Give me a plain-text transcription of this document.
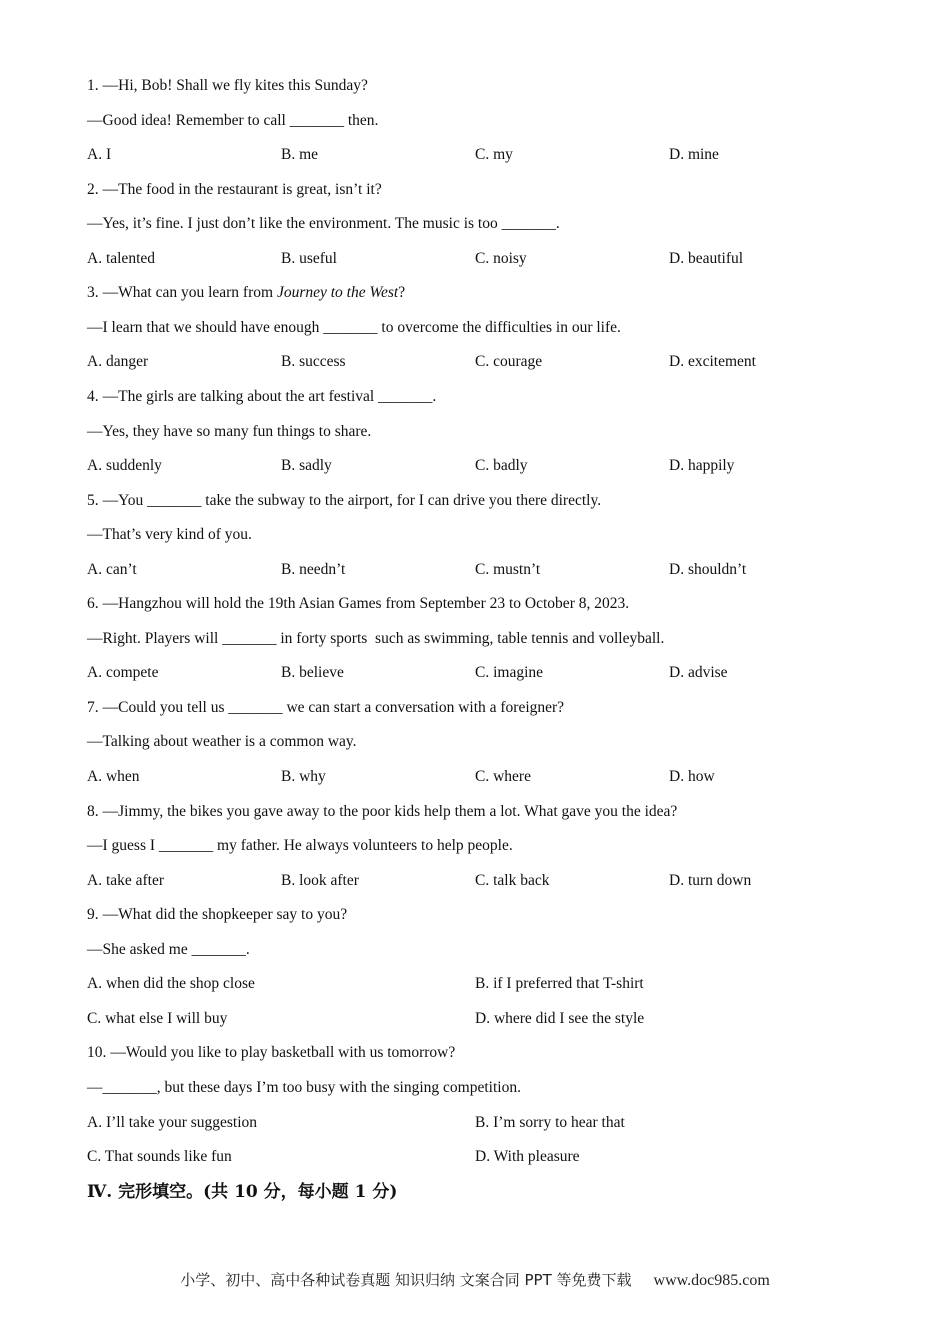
1. —Hi, Bob! Shall we fly kites this Sunday?
—Good idea! Remember to call _______ then.
A. I	B. me	C. my	D. mine
2. —The food in the restaurant is great, isn’t it?
—Yes, it’s fine. I just don’t like the environment. The music is too _______.
A. talented	B. useful	C. noisy	D. beautiful
3. —What can you learn from Journey to the West?
—I learn that we should have enough _______ to overcome the difficulties in our life.
A. danger	B. success	C. courage	D. excitement
4. —The girls are talking about the art festival _______.
—Yes, they have so many fun things to share.
A. suddenly	B. sadly	C. badly	D. happily
5. —You _______ take the subway to the airport, for I can drive you there directly.
—That’s very kind of you.
A. can’t	B. needn’t	C. mustn’t	D. shouldn’t
6. —Hangzhou will hold the 19th Asian Games from September 23 to October 8, 2023.
—Right. Players will _______ in forty sports  such as swimming, table tennis and volleyball.
A. compete	B. believe	C. imagine	D. advise
7. —Could you tell us _______ we can start a conversation with a foreigner?
—Talking about weather is a common way.
A. when	B. why	C. where	D. how
8. —Jimmy, the bikes you gave away to the poor kids help them a lot. What gave you the idea?
—I guess I _______ my father. He always volunteers to help people.
A. take after	B. look after	C. talk back	D. turn down
9. —What did the shopkeeper say to you?
—She asked me _______.
A. when did the shop close	B. if I preferred that T-shirt
C. what else I will buy	D. where did I see the style
10. —Would you like to play basketball with us tomorrow?
—_______, but these days I’m too busy with the singing competition.
A. I’ll take your suggestion	B. I’m sorry to hear that
C. That sounds like fun	D. With pleasure
Ⅳ. 完形填空。(共 10 分，每小题 1 分)
小学、初中、高中各种试卷真题 知识归纳 文案合同 PPT 等免费下载 www.doc985.com
